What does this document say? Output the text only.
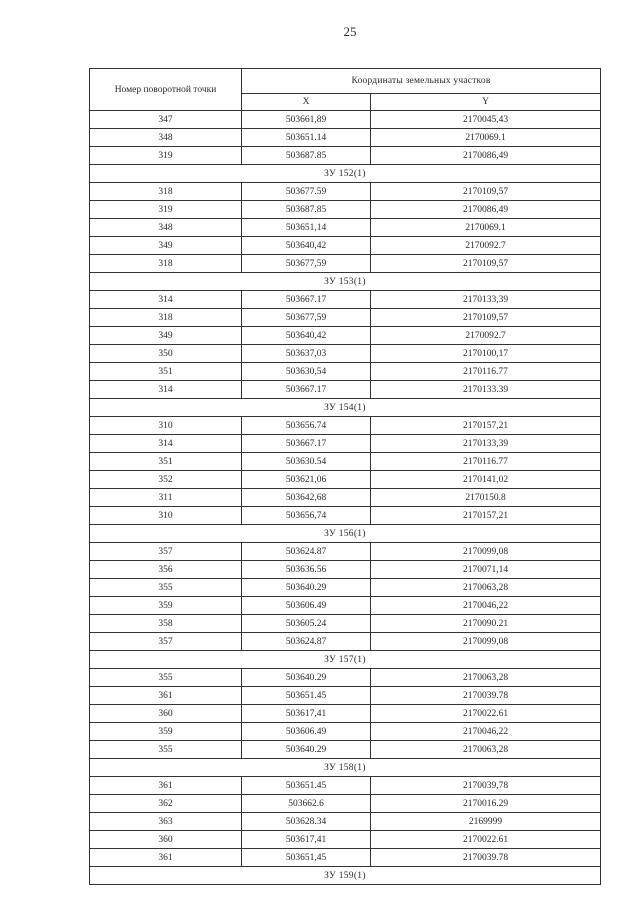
25
Номер поворотной точки	Координаты земельных участков	
	X	Y
347	503661,89	2170045,43
348	503651.14	2170069.1
319	503687.85	2170086,49
ЗУ 152(1)		
318	503677.59	2170109,57
319	503687.85	2170086,49
348	503651,14	2170069.1
349	503640,42	2170092.7
318	503677,59	2170109,57
ЗУ 153(1)		
314	503667.17	2170133,39
318	503677,59	2170109,57
349	503640,42	2170092.7
350	503637,03	2170100,17
351	503630,54	2170116.77
314	503667.17	2170133.39
ЗУ 154(1)		
310	503656.74	2170157,21
314	503667.17	2170133,39
351	503630.54	2170116.77
352	503621,06	2170141,02
311	503642,68	2170150.8
310	503656,74	2170157,21
ЗУ 156(1)		
357	503624.87	2170099,08
356	503636.56	2170071,14
355	503640.29	2170063,28
359	503606.49	2170046,22
358	503605.24	2170090.21
357	503624.87	2170099,08
ЗУ 157(1)		
355	503640.29	2170063,28
361	503651.45	2170039.78
360	503617,41	2170022.61
359	503606.49	2170046,22
355	503640.29	2170063,28
ЗУ 158(1)		
361	503651.45	2170039,78
362	503662.6	2170016.29
363	503628.34	2169999
360	503617,41	2170022.61
361	503651,45	2170039.78
ЗУ 159(1)		
